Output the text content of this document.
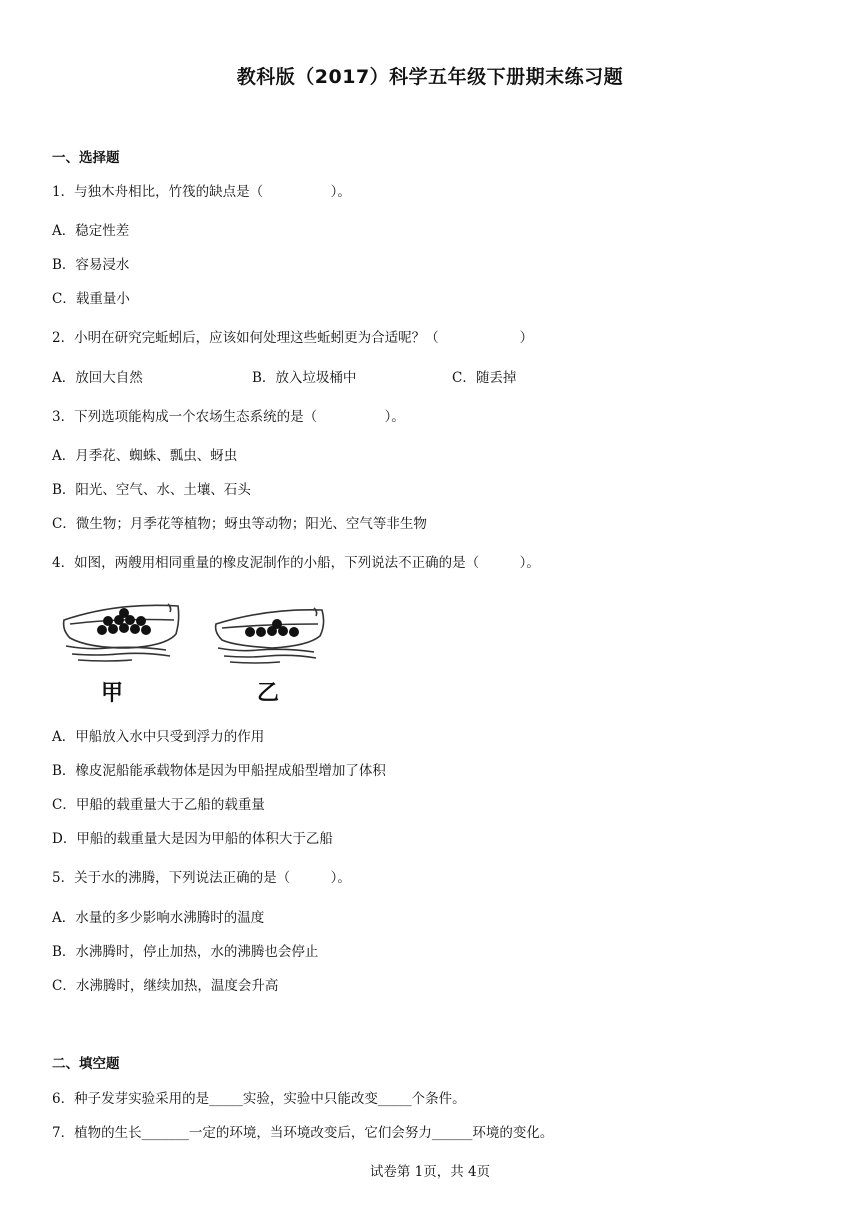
教科版（2017）科学五年级下册期末练习题
一、选择题
1．与独木舟相比，竹筏的缺点是（　　　　　）。
A．稳定性差
B．容易浸水
C．载重量小
2．小明在研究完蚯蚓后，应该如何处理这些蚯蚓更为合适呢？（　　　　　　）
A．放回大自然	B．放入垃圾桶中	C．随丢掉
3．下列选项能构成一个农场生态系统的是（　　　　　）。
A．月季花、蜘蛛、瓢虫、蚜虫
B．阳光、空气、水、土壤、石头
C．微生物；月季花等植物；蚜虫等动物；阳光、空气等非生物
4．如图，两艘用相同重量的橡皮泥制作的小船，下列说法不正确的是（　　　）。
甲	乙
A．甲船放入水中只受到浮力的作用
B．橡皮泥船能承载物体是因为甲船捏成船型增加了体积
C．甲船的载重量大于乙船的载重量
D．甲船的载重量大是因为甲船的体积大于乙船
5．关于水的沸腾，下列说法正确的是（　　　）。
A．水量的多少影响水沸腾时的温度
B．水沸腾时，停止加热，水的沸腾也会停止
C．水沸腾时，继续加热，温度会升高
二、填空题
6．种子发芽实验采用的是_____实验，实验中只能改变_____个条件。
7．植物的生长_______一定的环境，当环境改变后，它们会努力______环境的变化。
试卷第 1页，共 4页
